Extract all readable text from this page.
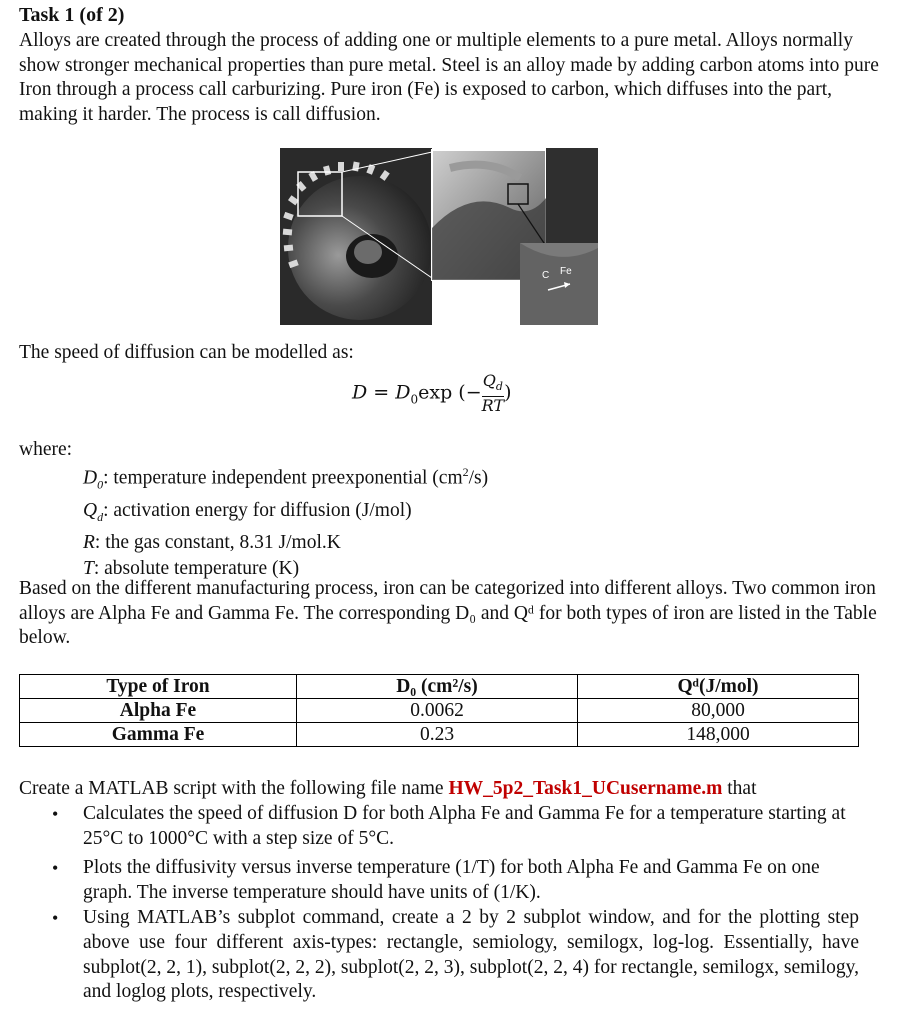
Task 1 (of 2)
Alloys are created through the process of adding one or multiple elements to a pure metal. Alloys normally show stronger mechanical properties than pure metal. Steel is an alloy made by adding carbon atoms into pure Iron through a process call carburizing. Pure iron (Fe) is exposed to carbon, which diffuses into the part, making it harder. The process is call diffusion.
C Fe
The speed of diffusion can be modelled as:
$D = D_0\exp$ (− $\frac{Q_d}{RT}$ )
where:
$D_0$: temperature independent preexponential $(cm^2/s)$
$Q_d$: activation energy for diffusion (J/mol)
R: the gas constant, 8.31 J/mol.K
T: absolute temperature (K)
Based on the different manufacturing process, iron can be categorized into different alloys. Two common iron alloys are Alpha Fe and Gamma Fe. The corresponding D₀ and Qᵈ for both types of iron are listed in the Table below.
Type of Iron	D₀ (cm²/s)	Qᵈ(J/mol)
Alpha Fe	0.0062	80,000
Gamma Fe	0.23	148,000
Create a MATLAB script with the following file name HW_5p2_Task1_UCusername.m that
• Calculates the speed of diffusion D for both Alpha Fe and Gamma Fe for a temperature starting at 25°C to 1000°C with a step size of 5°C.
• Plots the diffusivity versus inverse temperature (1/T) for both Alpha Fe and Gamma Fe on one graph. The inverse temperature should have units of (1/K).
• Using MATLAB’s subplot command, create a 2 by 2 subplot window, and for the plotting step above use four different axis-types: rectangle, semiology, semilogx, log-log. Essentially, have subplot(2, 2, 1), subplot(2, 2, 2), subplot(2, 2, 3), subplot(2, 2, 4) for rectangle, semilogx, semilogy, and loglog plots, respectively.
